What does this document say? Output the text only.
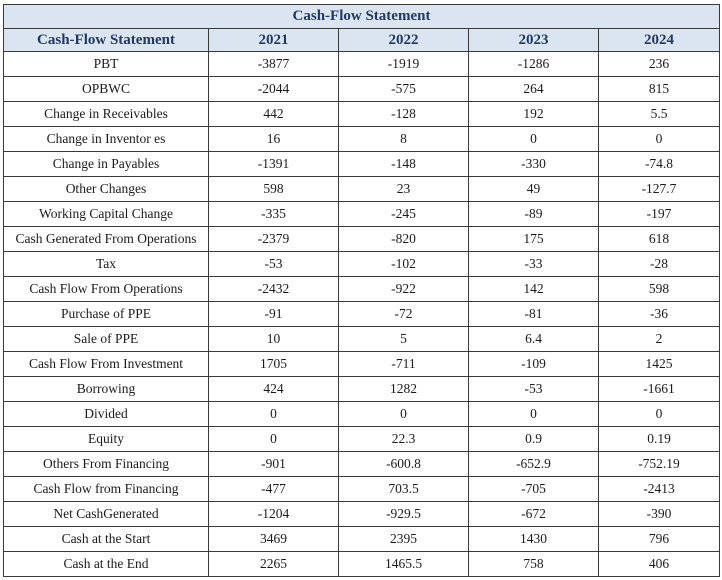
Cash-Flow Statement				
Cash-Flow Statement	2021	2022	2023	2024
PBT	-3877	-1919	-1286	236
OPBWC	-2044	-575	264	815
Change in Receivables	442	-128	192	5.5
Change in Inventor es	16	8	0	0
Change in Payables	-1391	-148	-330	-74.8
Other Changes	598	23	49	-127.7
Working Capital Change	-335	-245	-89	-197
Cash Generated From Operations	-2379	-820	175	618
Tax	-53	-102	-33	-28
Cash Flow From Operations	-2432	-922	142	598
Purchase of PPE	-91	-72	-81	-36
Sale of PPE	10	5	6.4	2
Cash Flow From Investment	1705	-711	-109	1425
Borrowing	424	1282	-53	-1661
Divided	0	0	0	0
Equity	0	22.3	0.9	0.19
Others From Financing	-901	-600.8	-652.9	-752.19
Cash Flow from Financing	-477	703.5	-705	-2413
Net CashGenerated	-1204	-929.5	-672	-390
Cash at the Start	3469	2395	1430	796
Cash at the End	2265	1465.5	758	406
